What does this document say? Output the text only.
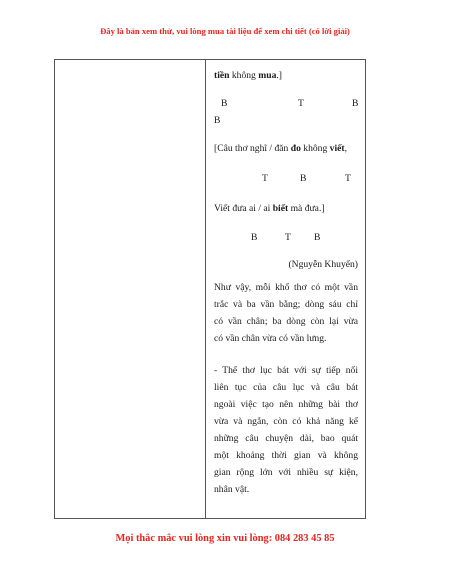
Đây là bản xem thử, vui lòng mua tài liệu để xem chi tiết (có lời giải)
tiền không mua.]
B	T	B
B
[Câu thơ nghĩ / đăn đo không viết,
T	B	T
Viết đưa ai / ai biết mà đưa.]
B	T B
(Nguyễn Khuyến)
Như vậy, mỗi khổ thơ có một vần
trắc và ba vần bằng; dòng sáu chỉ
có vần chân; ba dòng còn lại vừa
có vần chân vừa có vần lưng.
- Thể thơ lục bát với sự tiếp nối
liên tục của câu lục và câu bát
ngoài việc tạo nên những bài thơ
vừa và ngắn, còn có khả năng kể
những câu chuyện dài, bao quát
một khoảng thời gian và không
gian rộng lớn với nhiều sự kiện,
nhân vật.
Mọi thắc mắc vui lòng xin vui lòng: 084 283 45 85
